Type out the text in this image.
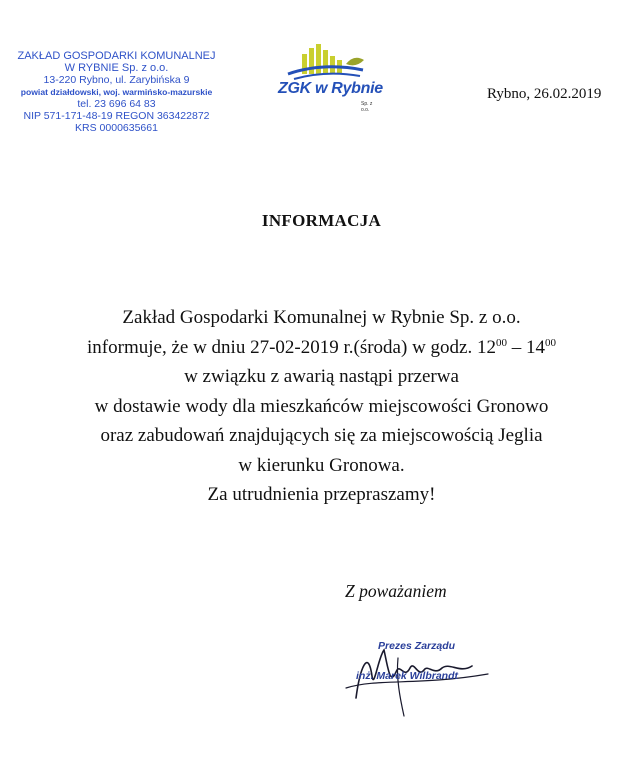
ZAKŁAD GOSPODARKI KOMUNALNEJ
W RYBNIE Sp. z o.o.
13-220 Rybno, ul. Zarybińska 9
powiat działdowski, woj. warmińsko-mazurskie
tel. 23 696 64 83
NIP 571-171-48-19 REGON 363422872
KRS 0000635661
ZGK w Rybnie
Sp. z o.o.
Rybno, 26.02.2019
INFORMACJA
Zakład Gospodarki Komunalnej w Rybnie Sp. z o.o.
informuje, że w dniu 27-02-2019 r.(środa) w godz. $12^{00} - 14^{00}$
w związku z awarią nastąpi przerwa
w dostawie wody dla mieszkańców miejscowości Gronowo
oraz zabudowań znajdujących się za miejscowością Jeglia
w kierunku Gronowa.
Za utrudnienia przepraszamy!
Z poważaniem
Prezes Zarządu
inż. Marek Wilbrandt
